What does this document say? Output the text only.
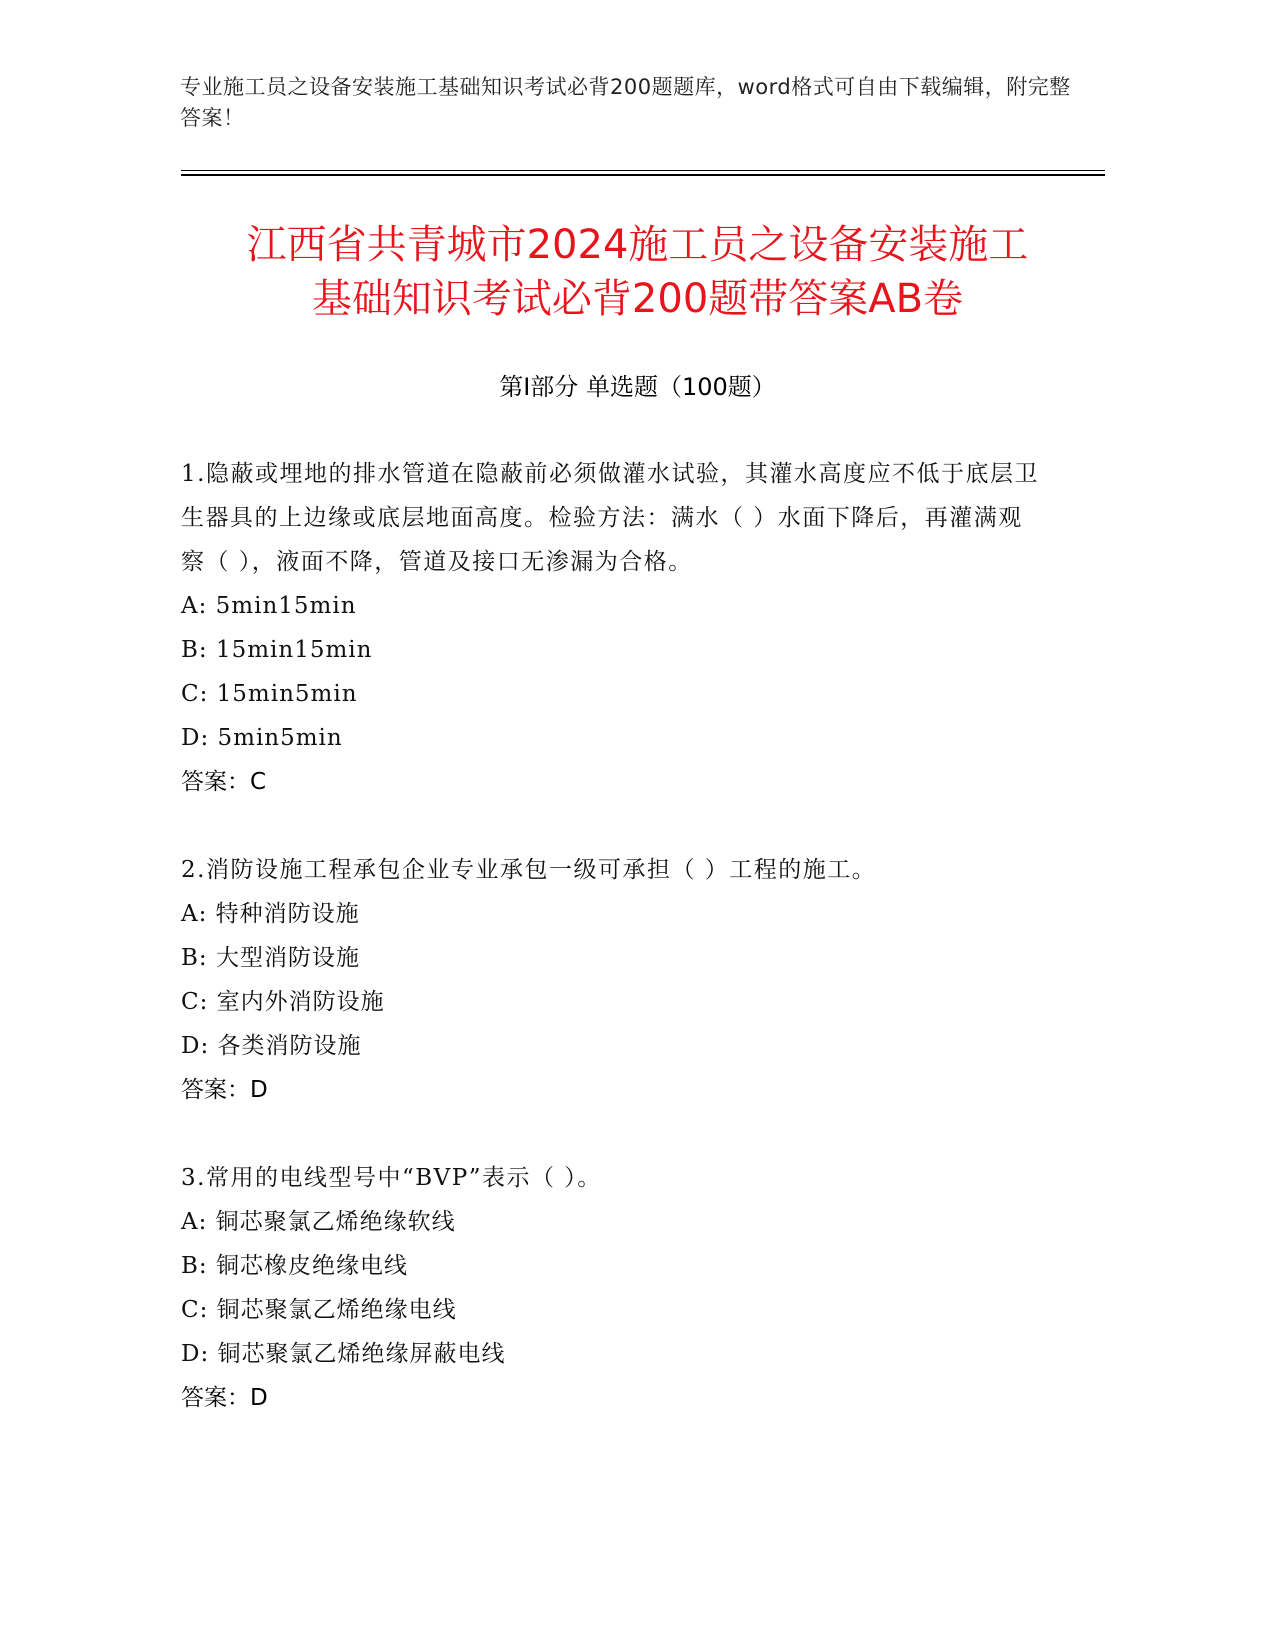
专业施工员之设备安装施工基础知识考试必背200题题库，word格式可自由下载编辑，附完整答案！
江西省共青城市2024施工员之设备安装施工
基础知识考试必背200题带答案AB卷
第Ⅰ部分 单选题（100题）

1.隐蔽或埋地的排水管道在隐蔽前必须做灌水试验，其灌水高度应不低于底层卫生器具的上边缘或底层地面高度。检验方法：满水（ ）水面下降后，再灌满观察（ ），液面不降，管道及接口无渗漏为合格。

A: 5min15min
B: 15min15min
C: 15min5min
D: 5min5min
答案：C

2.消防设施工程承包企业专业承包一级可承担（ ）工程的施工。

A: 特种消防设施
B: 大型消防设施
C: 室内外消防设施
D: 各类消防设施
答案：D

3.常用的电线型号中“BVP”表示（ ）。

A: 铜芯聚氯乙烯绝缘软线
B: 铜芯橡皮绝缘电线
C: 铜芯聚氯乙烯绝缘电线
D: 铜芯聚氯乙烯绝缘屏蔽电线
答案：D
